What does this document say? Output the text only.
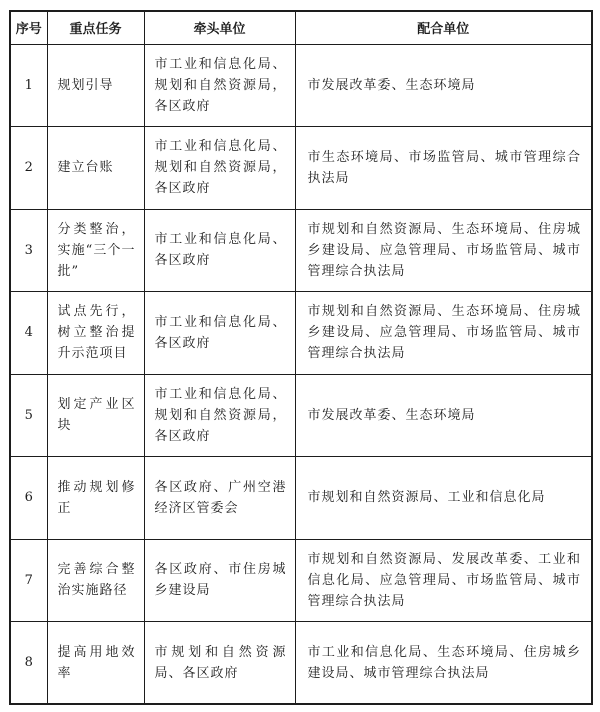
序号	重点任务	牵头单位	配合单位
1	规划引导	市工业和信息化局、规划和自然资源局，各区政府	市发展改革委、生态环境局
2	建立台账	市工业和信息化局、规划和自然资源局，各区政府	市生态环境局、市场监管局、城市管理综合执法局
3	分类整治，实施“三个一批”	市工业和信息化局、各区政府	市规划和自然资源局、生态环境局、住房城乡建设局、应急管理局、市场监管局、城市管理综合执法局
4	试点先行，树立整治提升示范项目	市工业和信息化局、各区政府	市规划和自然资源局、生态环境局、住房城乡建设局、应急管理局、市场监管局、城市管理综合执法局
5	划定产业区块	市工业和信息化局、规划和自然资源局，各区政府	市发展改革委、生态环境局
6	推动规划修正	各区政府、广州空港经济区管委会	市规划和自然资源局、工业和信息化局
7	完善综合整治实施路径	各区政府、市住房城乡建设局	市规划和自然资源局、发展改革委、工业和信息化局、应急管理局、市场监管局、城市管理综合执法局
8	提高用地效率	市规划和自然资源局、各区政府	市工业和信息化局、生态环境局、住房城乡建设局、城市管理综合执法局
